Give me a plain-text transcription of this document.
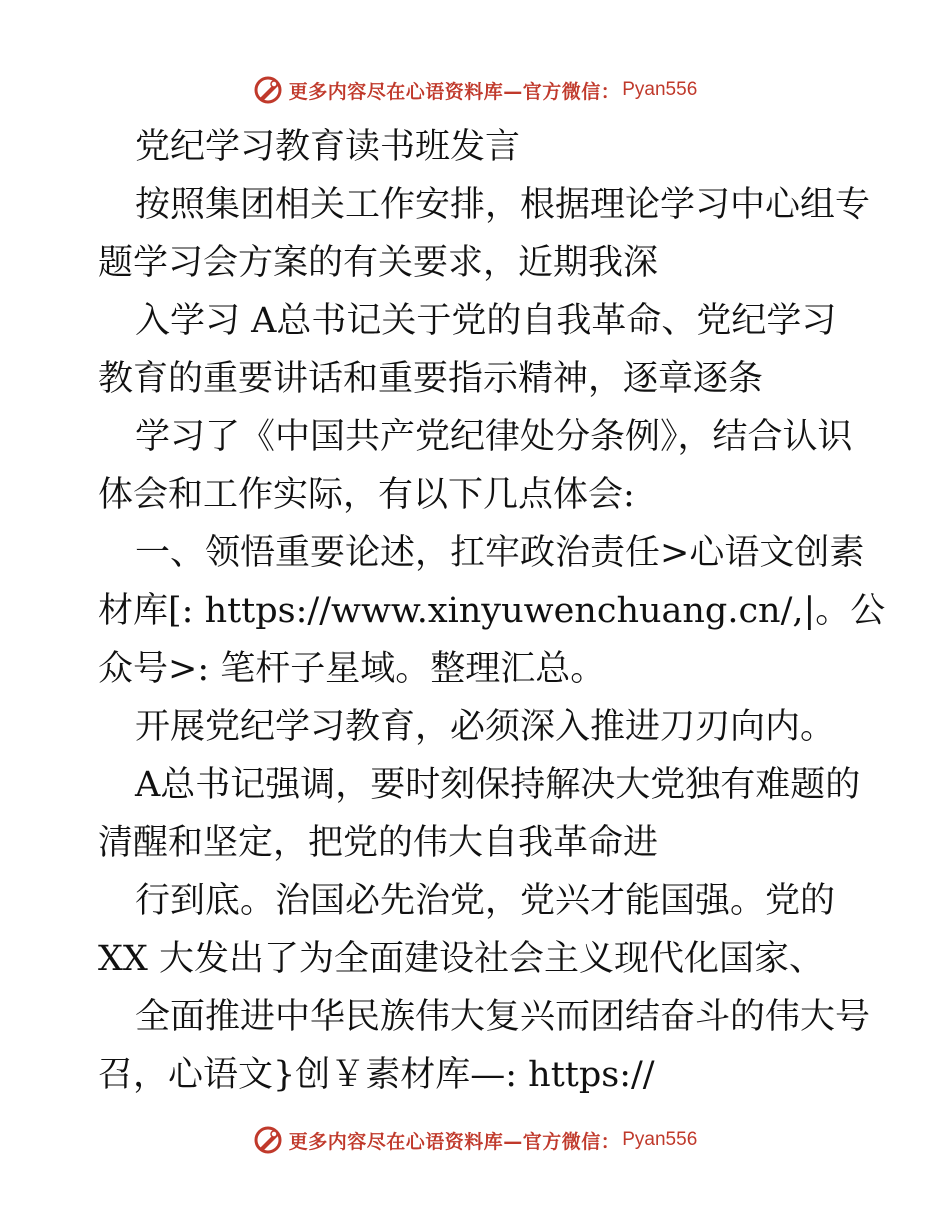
更多内容尽在心语资料库—官方微信： Pyan556
党纪学习教育读书班发言
按照集团相关工作安排，根据理论学习中心组专
题学习会方案的有关要求，近期我深
入学习 A总书记关于党的自我革命、党纪学习
教育的重要讲话和重要指示精神，逐章逐条
学习了《中国共产党纪律处分条例》，结合认识
体会和工作实际，有以下几点体会:
一、领悟重要论述，扛牢政治责任>心语文创素
材库[: https://www.xinyuwenchuang.cn/,|。公
众号>: 笔杆子星域。整理汇总。
开展党纪学习教育，必须深入推进刀刃向内。
A总书记强调，要时刻保持解决大党独有难题的
清醒和坚定，把党的伟大自我革命进
行到底。治国必先治党，党兴才能国强。党的
XX 大发出了为全面建设社会主义现代化国家、
全面推进中华民族伟大复兴而团结奋斗的伟大号
召，心语文}创￥素材库—: https://
更多内容尽在心语资料库—官方微信： Pyan556
